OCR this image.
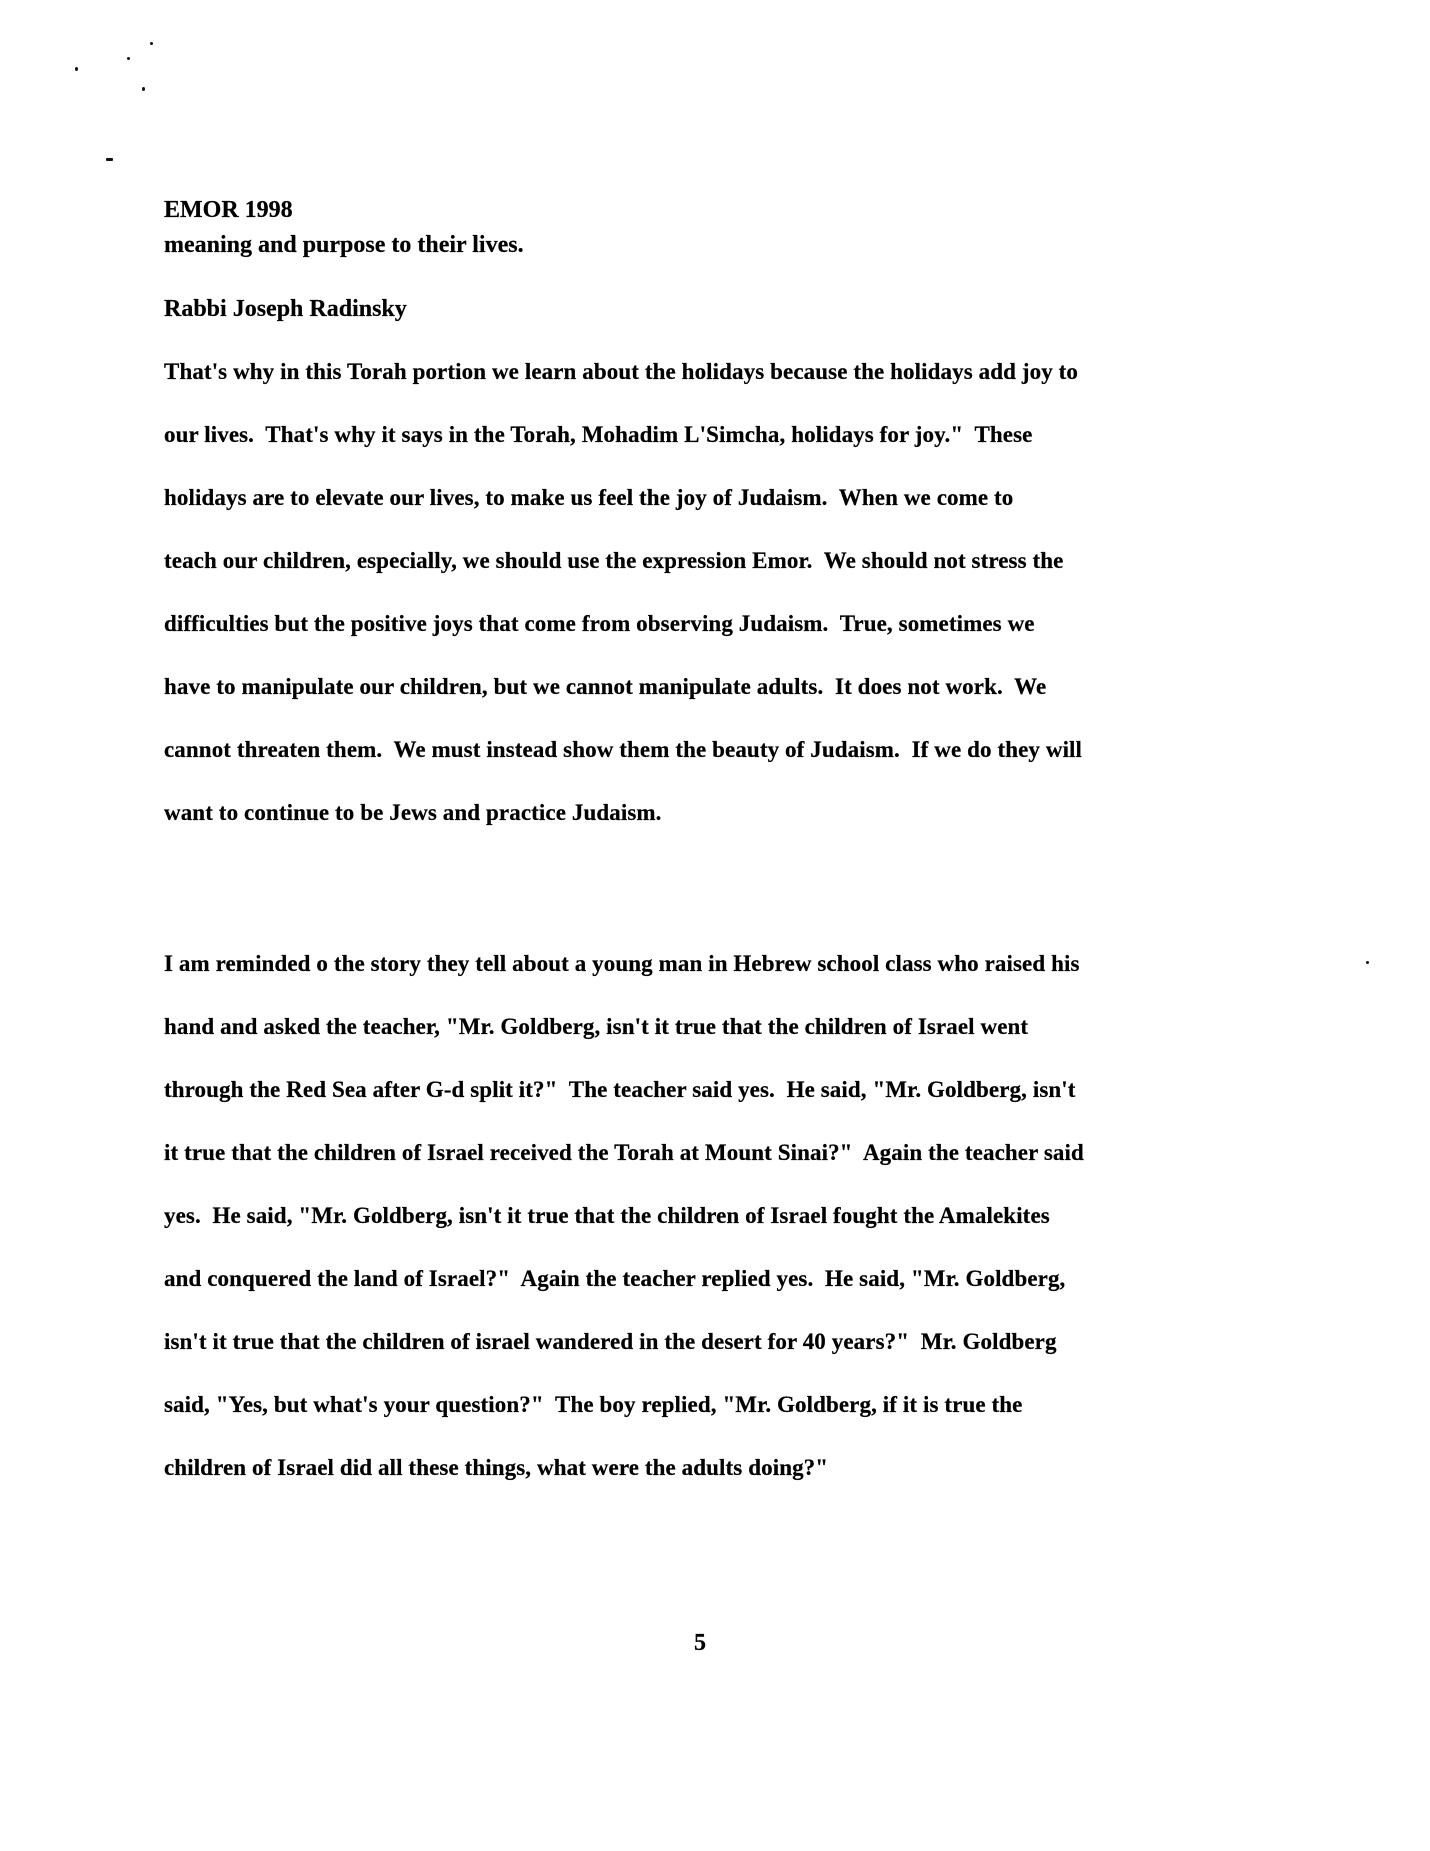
EMOR 1998

Rabbi Joseph Radinsky

meaning and purpose to their lives.
That's why in this Torah portion we learn about the holidays because the holidays add joy to
our lives.  That's why it says in the Torah, Mohadim L'Simcha, holidays for joy."  These
holidays are to elevate our lives, to make us feel the joy of Judaism.  When we come to
teach our children, especially, we should use the expression Emor.  We should not stress the
difficulties but the positive joys that come from observing Judaism.  True, sometimes we
have to manipulate our children, but we cannot manipulate adults.  It does not work.  We
cannot threaten them.  We must instead show them the beauty of Judaism.  If we do they will
want to continue to be Jews and practice Judaism.
I am reminded o the story they tell about a young man in Hebrew school class who raised his
hand and asked the teacher, "Mr. Goldberg, isn't it true that the children of Israel went
through the Red Sea after G-d split it?"  The teacher said yes.  He said, "Mr. Goldberg, isn't
it true that the children of Israel received the Torah at Mount Sinai?"  Again the teacher said
yes.  He said, "Mr. Goldberg, isn't it true that the children of Israel fought the Amalekites
and conquered the land of Israel?"  Again the teacher replied yes.  He said, "Mr. Goldberg,
isn't it true that the children of israel wandered in the desert for 40 years?"  Mr. Goldberg
said, "Yes, but what's your question?"  The boy replied, "Mr. Goldberg, if it is true the
children of Israel did all these things, what were the adults doing?"
5
